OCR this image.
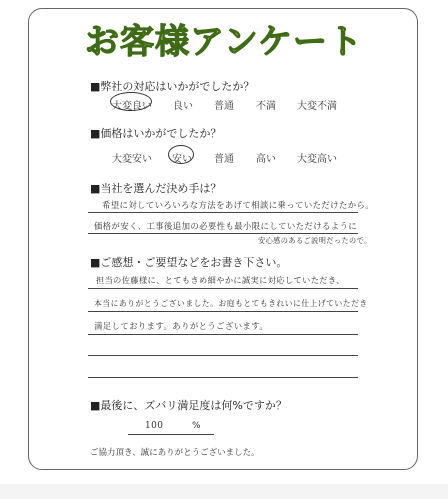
お客様アンケート
■弊社の対応はいかがでしたか？
大変良い 良い 普通 不満 大変不満
■価格はいかがでしたか？
大変安い 安い 普通 高い 大変高い
■当社を選んだ決め手は？
希望に対していろいろな方法をあげて相談に乗っていただけたから。
価格が安く、工事後追加の必要性も最小限にしていただけるように
安心感のあるご説明だったので。
■ご感想・ご要望などをお書き下さい。
担当の佐藤様に、とてもきめ細やかに誠実に対応していただき、
本当にありがとうございました。お庭もとてもきれいに仕上げていただき
満足しております。ありがとうございます。
■最後に、ズバリ満足度は何%ですか？
100	%
ご協力頂き、誠にありがとうございました。
